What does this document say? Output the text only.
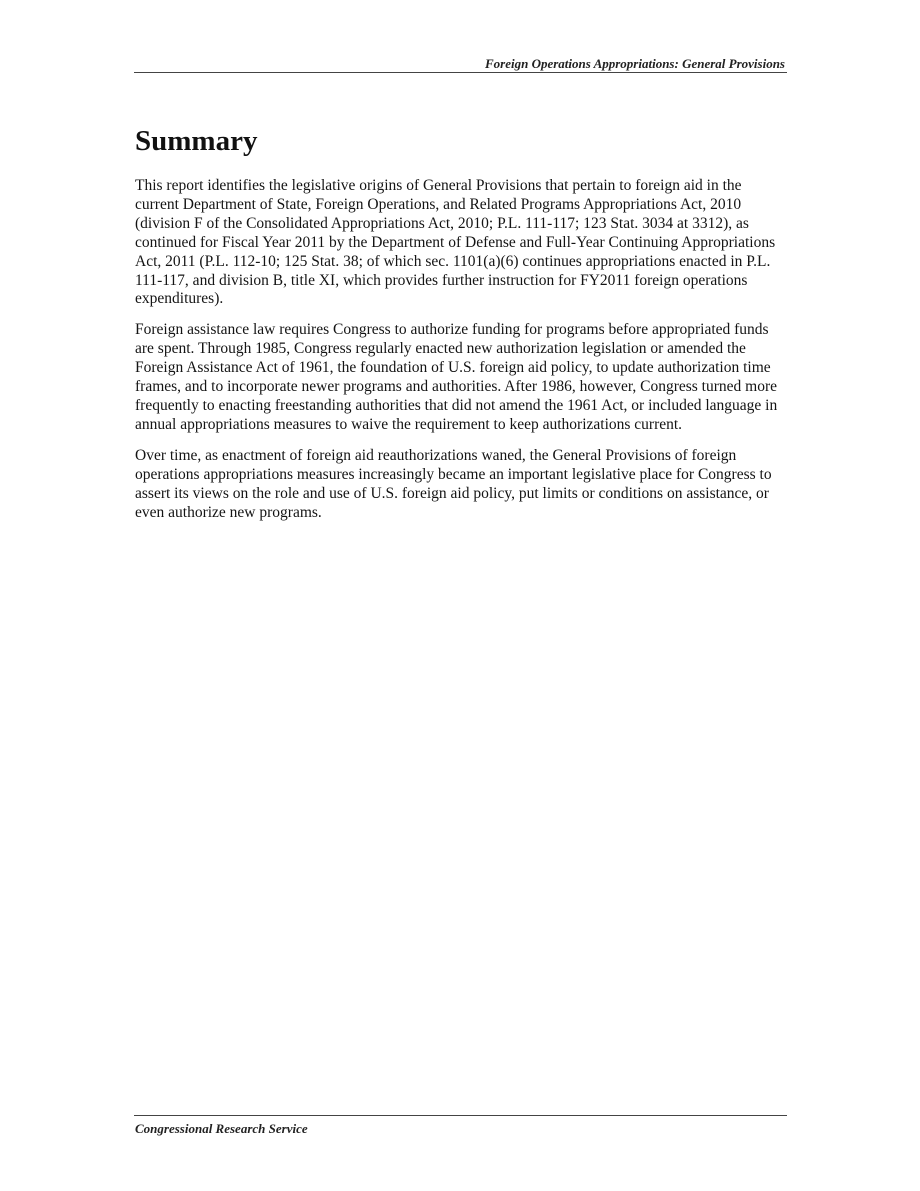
Foreign Operations Appropriations: General Provisions
Summary

This report identifies the legislative origins of General Provisions that pertain to foreign aid in the current Department of State, Foreign Operations, and Related Programs Appropriations Act, 2010 (division F of the Consolidated Appropriations Act, 2010; P.L. 111-117; 123 Stat. 3034 at 3312), as continued for Fiscal Year 2011 by the Department of Defense and Full-Year Continuing Appropriations Act, 2011 (P.L. 112-10; 125 Stat. 38; of which sec. 1101(a)(6) continues appropriations enacted in P.L. 111-117, and division B, title XI, which provides further instruction for FY2011 foreign operations expenditures).

Foreign assistance law requires Congress to authorize funding for programs before appropriated funds are spent. Through 1985, Congress regularly enacted new authorization legislation or amended the Foreign Assistance Act of 1961, the foundation of U.S. foreign aid policy, to update authorization time frames, and to incorporate newer programs and authorities. After 1986, however, Congress turned more frequently to enacting freestanding authorities that did not amend the 1961 Act, or included language in annual appropriations measures to waive the requirement to keep authorizations current.

Over time, as enactment of foreign aid reauthorizations waned, the General Provisions of foreign operations appropriations measures increasingly became an important legislative place for Congress to assert its views on the role and use of U.S. foreign aid policy, put limits or conditions on assistance, or even authorize new programs.

Congressional Research Service
